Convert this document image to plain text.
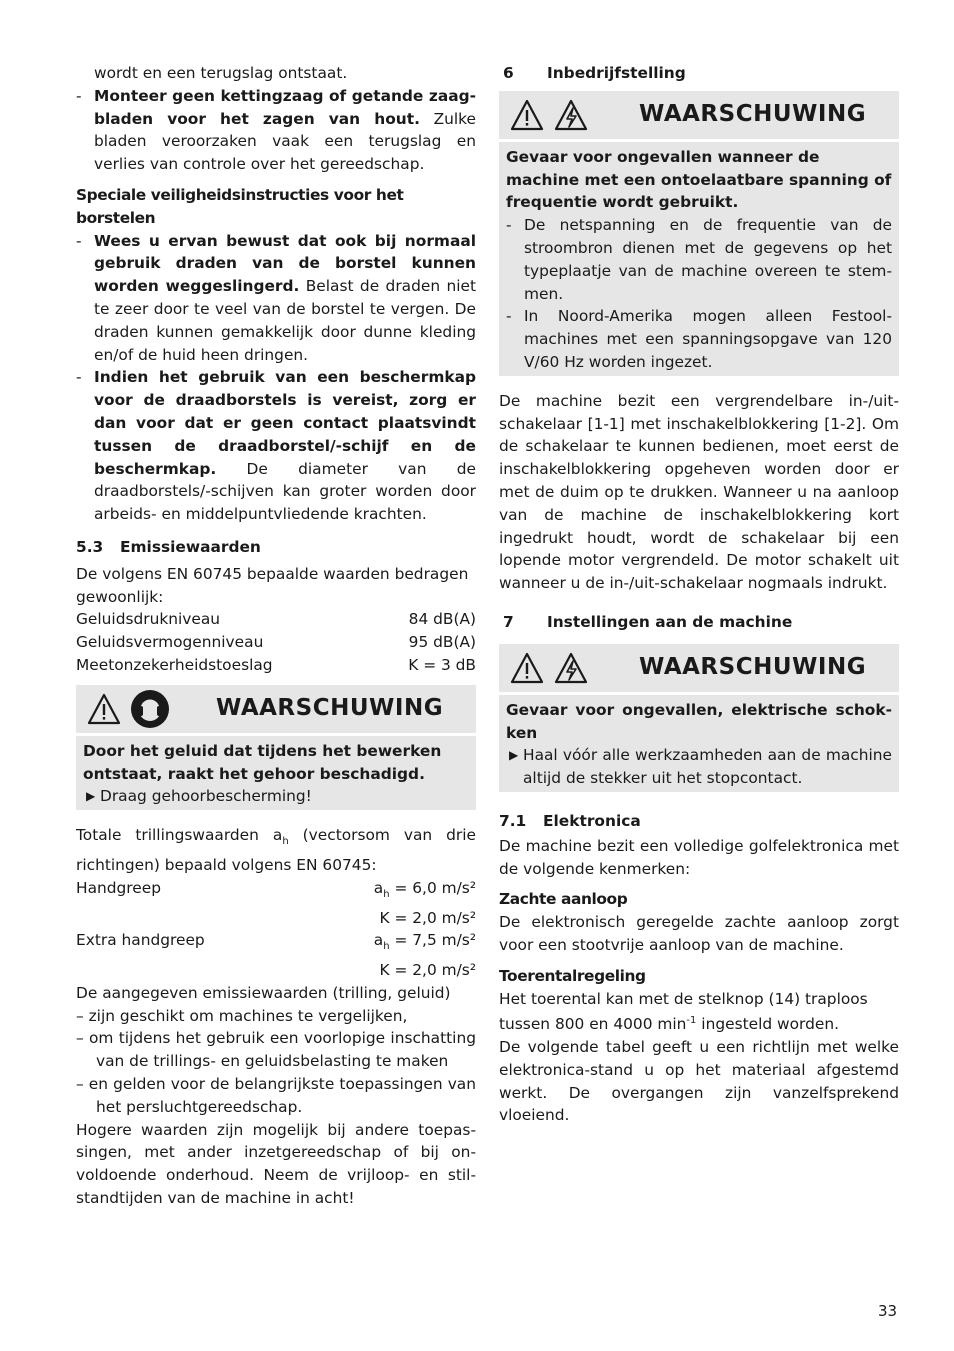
wordt en een terugslag ontstaat.

- Monteer geen kettingzaag of getande zaagbladen voor het zagen van hout. Zulke bladen veroorzaken vaak een terugslag en verlies van controle over het gereedschap.

Speciale veiligheidsinstructies voor het borstelen

- Wees u ervan bewust dat ook bij normaal gebruik draden van de borstel kunnen worden weggeslingerd. Belast de draden niet te zeer door te veel van de borstel te vergen. De draden kunnen gemakkelijk door dunne kleding en/of de huid heen dringen.
- Indien het gebruik van een beschermkap voor de draadborstels is vereist, zorg er dan voor dat er geen contact plaatsvindt tussen de draadborstel/-schijf en de beschermkap. De diameter van de draadborstels/-schijven kan groter worden door arbeids- en middelpuntvliedende krachten.

5.3 Emissiewaarden

De volgens EN 60745 bepaalde waarden bedragen gewoonlijk:

Geluidsdrukniveau	84 dB(A)
Geluidsvermogenniveau	95 dB(A)
Meetonzekerheidstoeslag	K = 3 dB
WAARSCHUWING

Door het geluid dat tijdens het bewerken ontstaat, raakt het gehoor beschadigd.

▶ Draag gehoorbescherming!

Totale trillingswaarden $a_h$ (vectorsom van drie richtingen) bepaald volgens EN 60745:

Handgreep	$a_h = 6,0$ m/s²
K = 2,0 m/s²
Extra handgreep	$a_h = 7,5$ m/s²
K = 2,0 m/s²

De aangegeven emissiewaarden (trilling, geluid)

– zijn geschikt om machines te vergelijken,

– om tijdens het gebruik een voorlopige inschatting van de trillings- en geluidsbelasting te maken

– en gelden voor de belangrijkste toepassingen van het persluchtgereedschap.

Hogere waarden zijn mogelijk bij andere toepassingen, met ander inzetgereedschap of bij onvoldoende onderhoud. Neem de vrijloop- en stilstandtijden van de machine in acht!

6 Inbedrijfstelling

WAARSCHUWING

Gevaar voor ongevallen wanneer de machine met een ontoelaatbare spanning of frequentie wordt gebruikt.

- De netspanning en de frequentie van de stroombron dienen met de gegevens op het typeplaatje van de machine overeen te stemmen.
- In Noord-Amerika mogen alleen Festool-machines met een spanningsopgave van 120 V/60 Hz worden ingezet.

De machine bezit een vergrendelbare in-/uit-schakelaar [1-1] met inschakelblokkering [1-2]. Om de schakelaar te kunnen bedienen, moet eerst de inschakelblokkering opgeheven worden door er met de duim op te drukken. Wanneer u na aanloop van de machine de inschakelblokkering kort ingedrukt houdt, wordt de schakelaar bij een lopende motor vergrendeld. De motor schakelt uit wanneer u de in-/uit-schakelaar nogmaals indrukt.

7 Instellingen aan de machine

WAARSCHUWING

Gevaar voor ongevallen, elektrische schokken

▶ Haal vóór alle werkzaamheden aan de machine altijd de stekker uit het stopcontact.

7.1 Elektronica

De machine bezit een volledige golfelektronica met de volgende kenmerken:

Zachte aanloop

De elektronisch geregelde zachte aanloop zorgt voor een stootvrije aanloop van de machine.

Toerentalregeling

Het toerental kan met de stelknop (14) traploos tussen 800 en 4000 $\min^{-1}$ ingesteld worden.

De volgende tabel geeft u een richtlijn met welke elektronica-stand u op het materiaal afgestemd werkt. De overgangen zijn vanzelfsprekend vloeiend.

33
